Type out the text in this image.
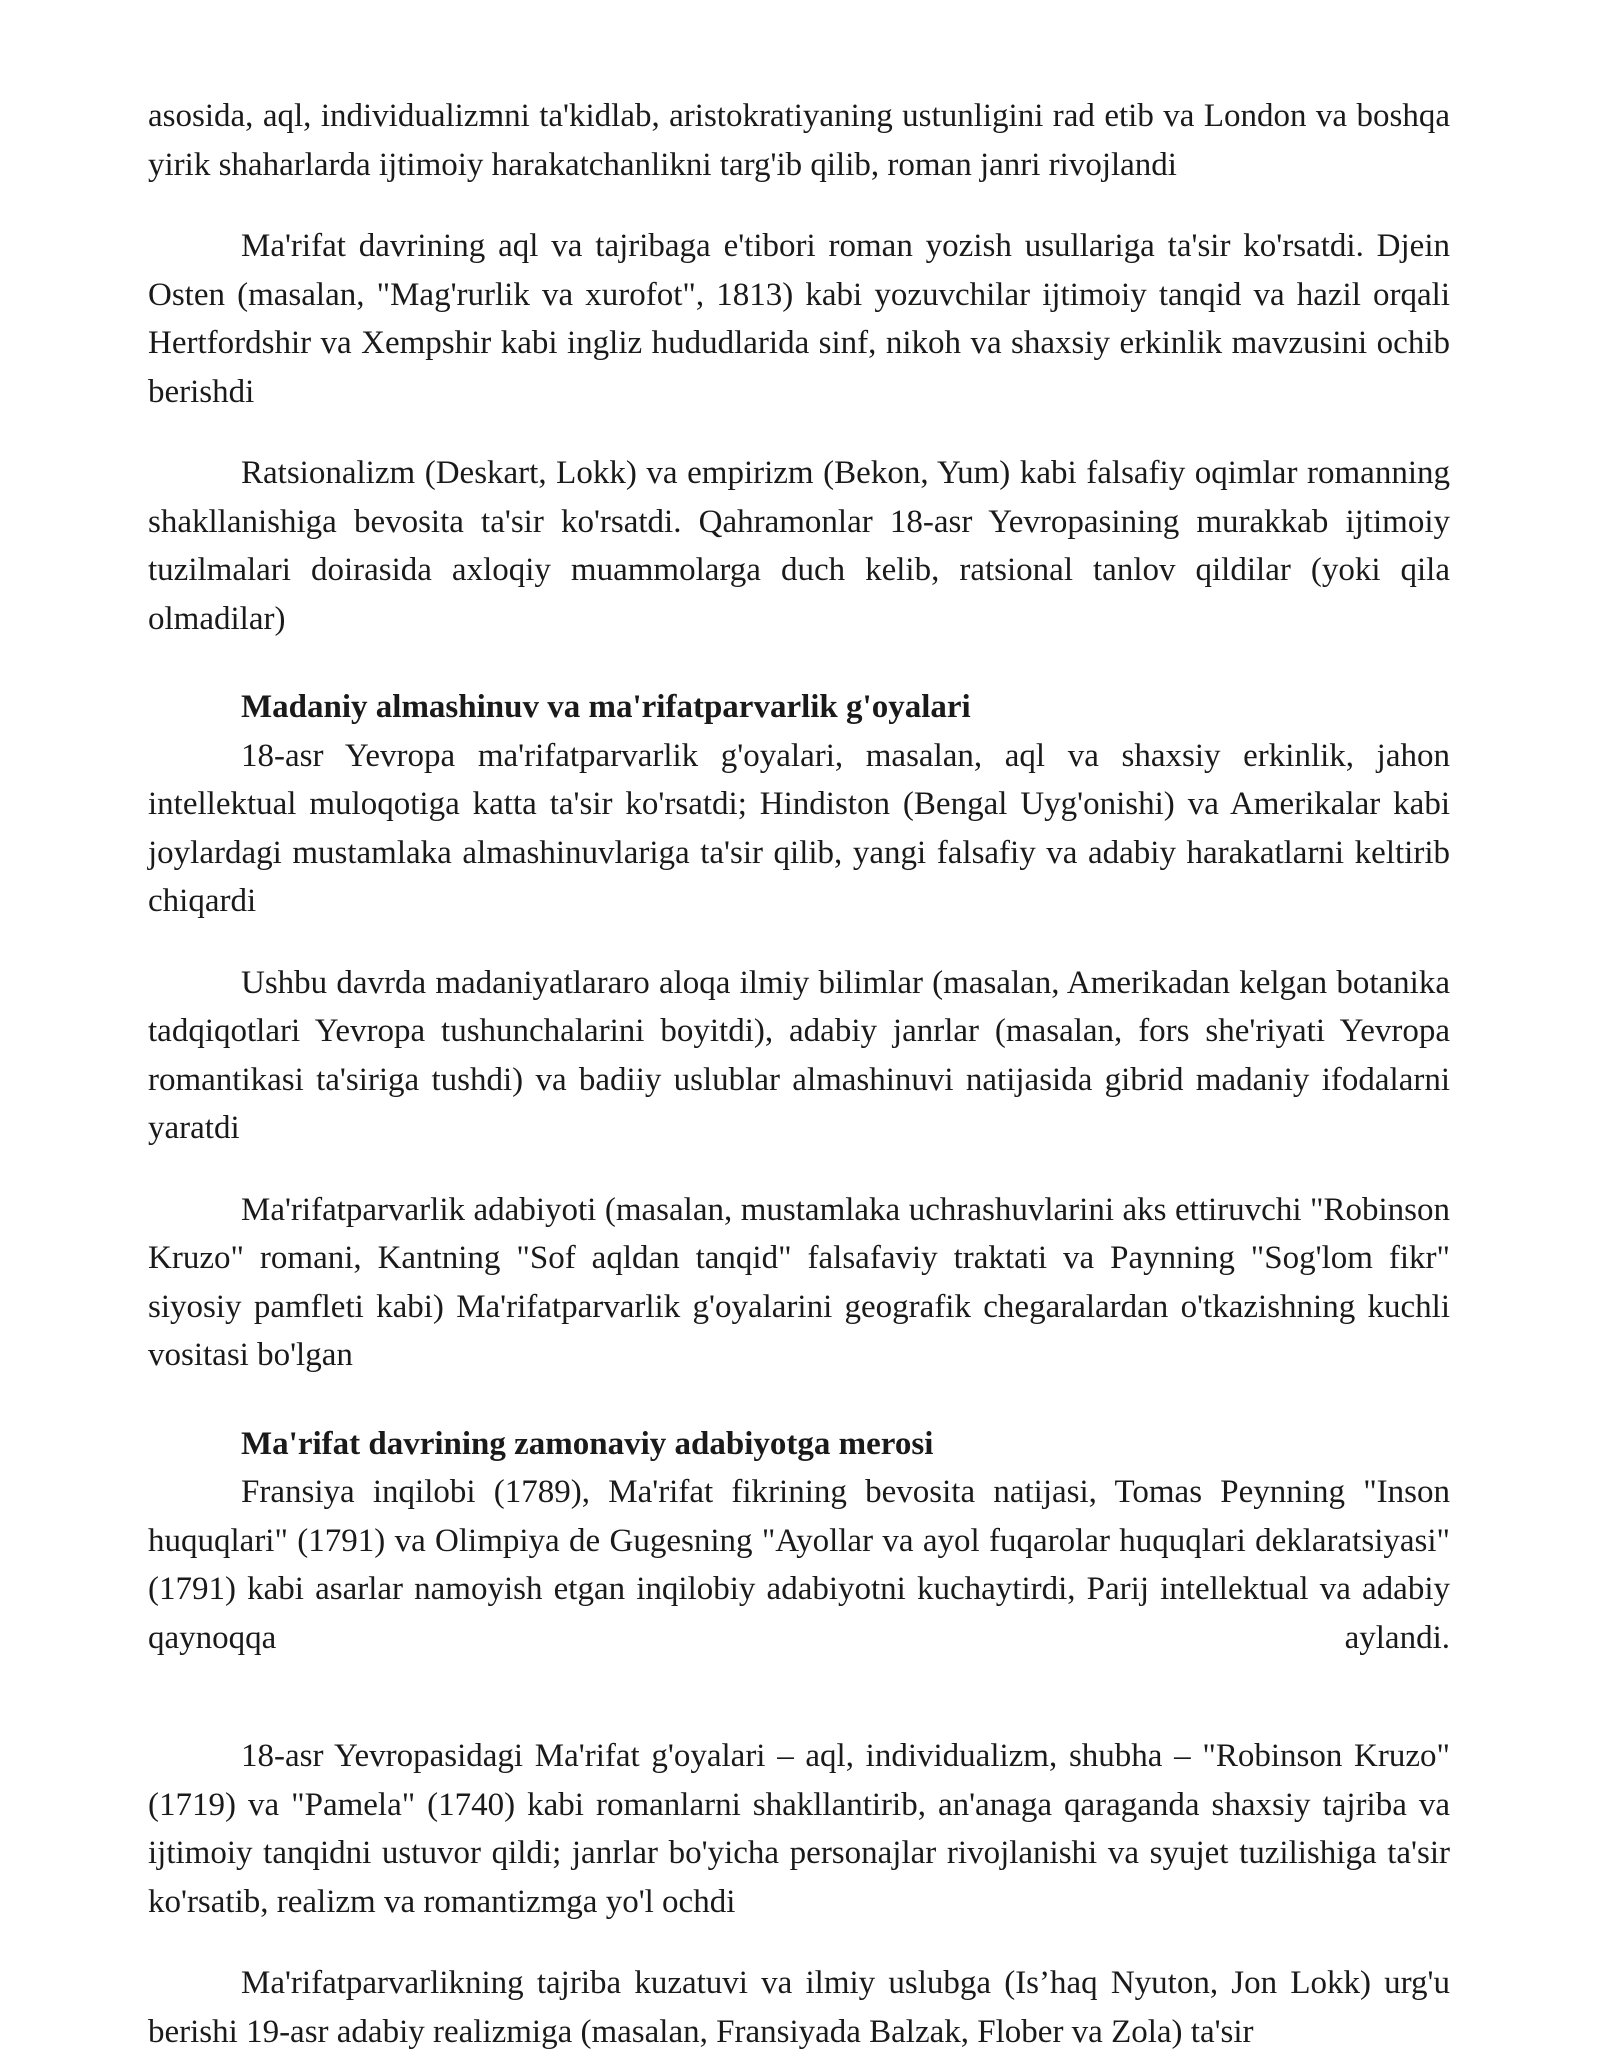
asosida, aql, individualizmni ta'kidlab, aristokratiyaning ustunligini rad etib va London va boshqa yirik shaharlarda ijtimoiy harakatchanlikni targ'ib qilib, roman janri rivojlandi

Ma'rifat davrining aql va tajribaga e'tibori roman yozish usullariga ta'sir ko'rsatdi. Djein Osten (masalan, "Mag'rurlik va xurofot", 1813) kabi yozuvchilar ijtimoiy tanqid va hazil orqali Hertfordshir va Xempshir kabi ingliz hududlarida sinf, nikoh va shaxsiy erkinlik mavzusini ochib berishdi

Ratsionalizm (Deskart, Lokk) va empirizm (Bekon, Yum) kabi falsafiy oqimlar romanning shakllanishiga bevosita ta'sir ko'rsatdi. Qahramonlar 18-asr Yevropasining murakkab ijtimoiy tuzilmalari doirasida axloqiy muammolarga duch kelib, ratsional tanlov qildilar (yoki qila olmadilar)

Madaniy almashinuv va ma'rifatparvarlik g'oyalari

18-asr Yevropa ma'rifatparvarlik g'oyalari, masalan, aql va shaxsiy erkinlik, jahon intellektual muloqotiga katta ta'sir ko'rsatdi; Hindiston (Bengal Uyg'onishi) va Amerikalar kabi joylardagi mustamlaka almashinuvlariga ta'sir qilib, yangi falsafiy va adabiy harakatlarni keltirib chiqardi

Ushbu davrda madaniyatlararo aloqa ilmiy bilimlar (masalan, Amerikadan kelgan botanika tadqiqotlari Yevropa tushunchalarini boyitdi), adabiy janrlar (masalan, fors she'riyati Yevropa romantikasi ta'siriga tushdi) va badiiy uslublar almashinuvi natijasida gibrid madaniy ifodalarni yaratdi

Ma'rifatparvarlik adabiyoti (masalan, mustamlaka uchrashuvlarini aks ettiruvchi "Robinson Kruzo" romani, Kantning "Sof aqldan tanqid" falsafaviy traktati va Paynning "Sog'lom fikr" siyosiy pamfleti kabi) Ma'rifatparvarlik g'oyalarini geografik chegaralardan o'tkazishning kuchli vositasi bo'lgan

Ma'rifat davrining zamonaviy adabiyotga merosi

Fransiya inqilobi (1789), Ma'rifat fikrining bevosita natijasi, Tomas Peynning "Inson huquqlari" (1791) va Olimpiya de Gugesning "Ayollar va ayol fuqarolar huquqlari deklaratsiyasi" (1791) kabi asarlar namoyish etgan inqilobiy adabiyotni kuchaytirdi, Parij intellektual va adabiy qaynoqqa aylandi.

18-asr Yevropasidagi Ma'rifat g'oyalari – aql, individualizm, shubha – "Robinson Kruzo" (1719) va "Pamela" (1740) kabi romanlarni shakllantirib, an'anaga qaraganda shaxsiy tajriba va ijtimoiy tanqidni ustuvor qildi; janrlar bo'yicha personajlar rivojlanishi va syujet tuzilishiga ta'sir ko'rsatib, realizm va romantizmga yo'l ochdi

Ma'rifatparvarlikning tajriba kuzatuvi va ilmiy uslubga (Is’haq Nyuton, Jon Lokk) urg'u berishi 19-asr adabiy realizmiga (masalan, Fransiyada Balzak, Flober va Zola) ta'sir
